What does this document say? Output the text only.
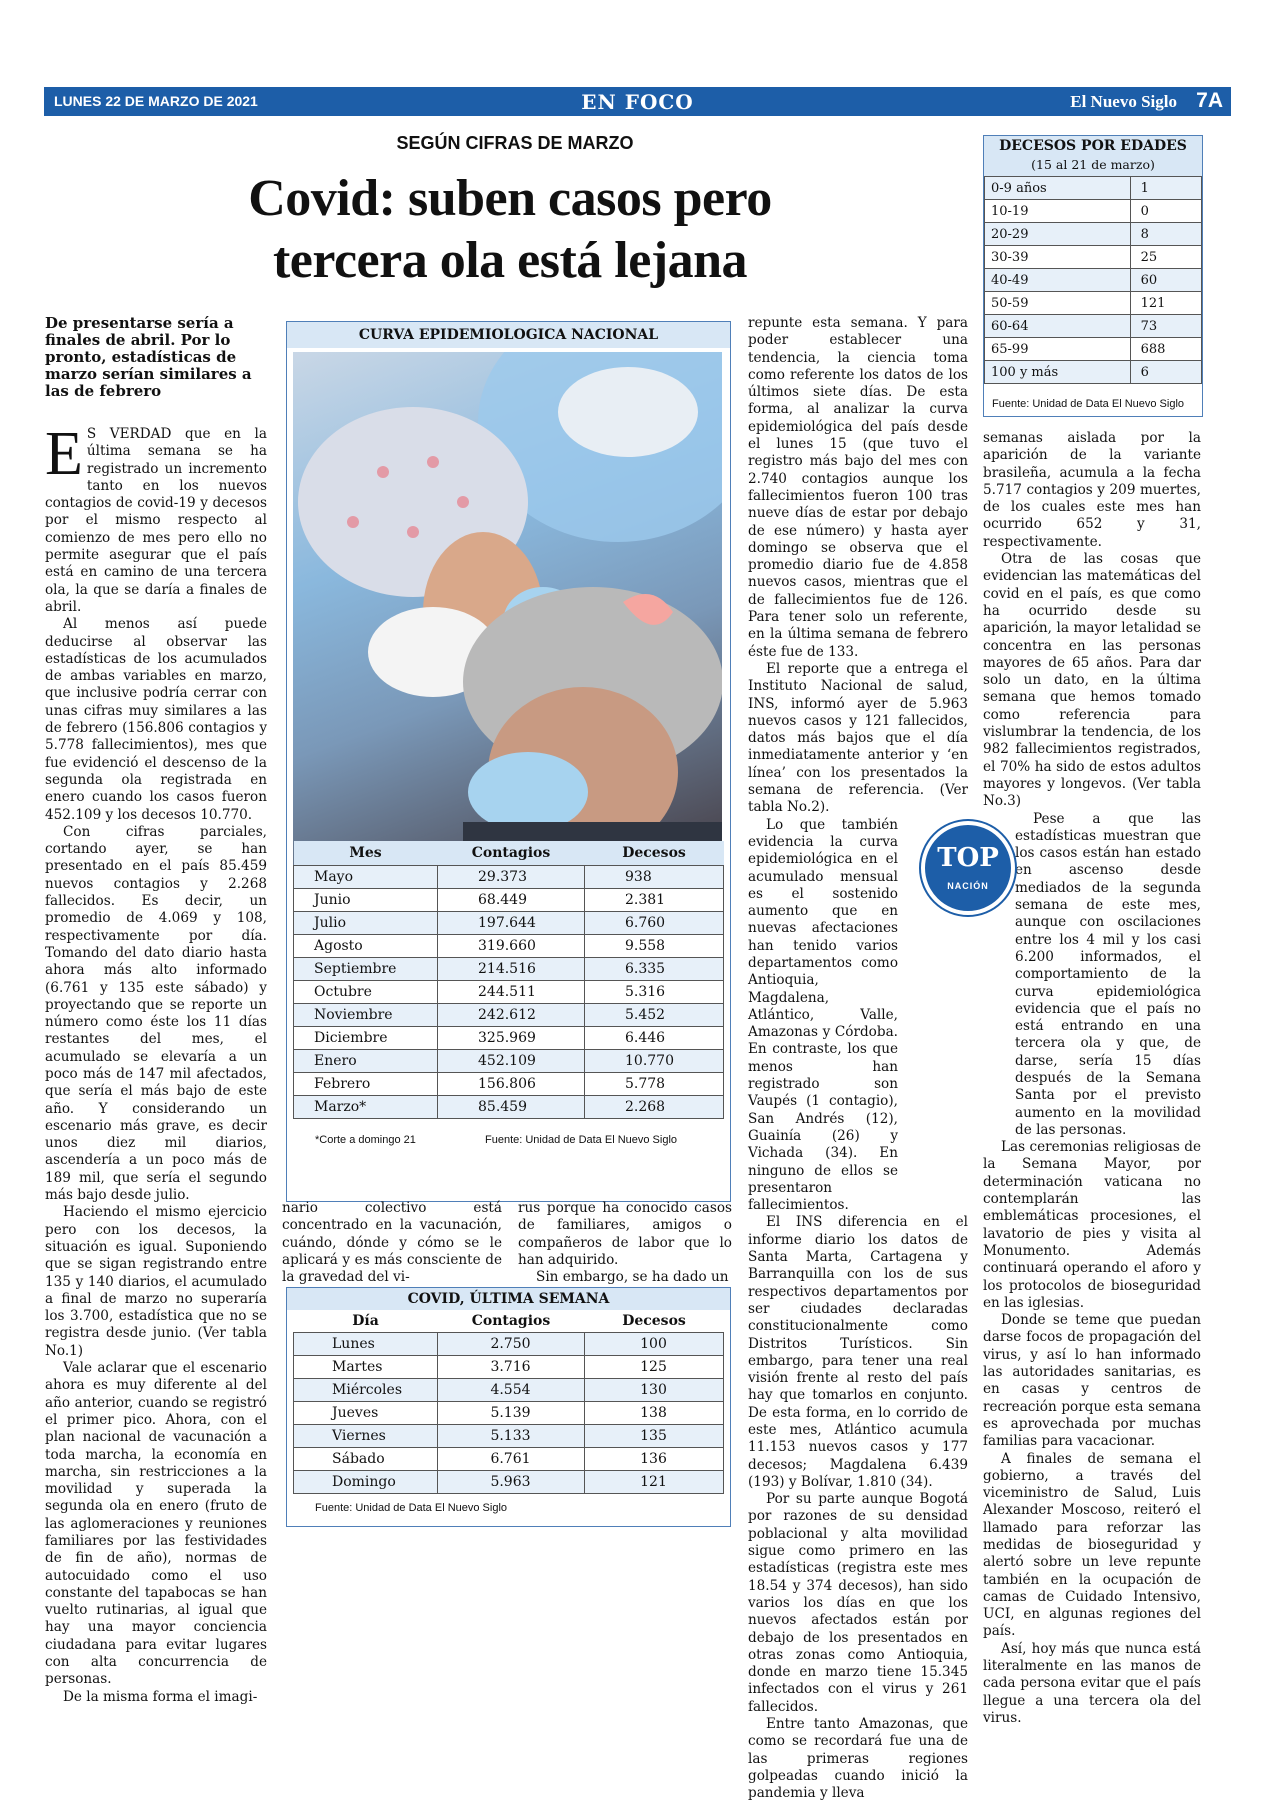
LUNES 22 DE MARZO DE 2021	EN FOCO	El Nuevo Siglo 7A
SEGÚN CIFRAS DE MARZO
Covid: suben casos pero
tercera ola está lejana
De presentarse sería a finales de abril. Por lo pronto, estadísticas de marzo serían similares a las de febrero

E S VERDAD que en la última semana se ha registrado un incremento tanto en los nuevos contagios de covid-19 y decesos por el mismo respecto al comienzo de mes pero ello no permite asegurar que el país está en camino de una tercera ola, la que se daría a finales de abril.

Al menos así puede deducirse al observar las estadísticas de los acumulados de ambas variables en marzo, que inclusive podría cerrar con unas cifras muy similares a las de febrero (156.806 contagios y 5.778 fallecimientos), mes que fue evidenció el descenso de la segunda ola registrada en enero cuando los casos fueron 452.109 y los decesos 10.770.

Con cifras parciales, cortando ayer, se han presentado en el país 85.459 nuevos contagios y 2.268 fallecidos. Es decir, un promedio de 4.069 y 108, respectivamente por día. Tomando del dato diario hasta ahora más alto informado (6.761 y 135 este sábado) y proyectando que se reporte un número como éste los 11 días restantes del mes, el acumulado se elevaría a un poco más de 147 mil afectados, que sería el más bajo de este año. Y considerando un escenario más grave, es decir unos diez mil diarios, ascendería a un poco más de 189 mil, que sería el segundo más bajo desde julio.

Haciendo el mismo ejercicio pero con los decesos, la situación es igual. Suponiendo que se sigan registrando entre 135 y 140 diarios, el acumulado a final de marzo no superaría los 3.700, estadística que no se registra desde junio. (Ver tabla No.1)

Vale aclarar que el escenario ahora es muy diferente al del año anterior, cuando se registró el primer pico. Ahora, con el plan nacional de vacunación a toda marcha, la economía en marcha, sin restricciones a la movilidad y superada la segunda ola en enero (fruto de las aglomeraciones y reuniones familiares por las festividades de fin de año), normas de autocuidado como el uso constante del tapabocas se han vuelto rutinarias, al igual que hay una mayor conciencia ciudadana para evitar lugares con alta concurrencia de personas.

De la misma forma el imagi-

CURVA EPIDEMIOLOGICA NACIONAL
Mes	Contagios	Decesos
Mayo	29.373	938
Junio	68.449	2.381
Julio	197.644	6.760
Agosto	319.660	9.558
Septiembre	214.516	6.335
Octubre	244.511	5.316
Noviembre	242.612	5.452
Diciembre	325.969	6.446
Enero	452.109	10.770
Febrero	156.806	5.778
Marzo*	85.459	2.268
*Corte a domingo 21	Fuente: Unidad de Data El Nuevo Siglo

nario colectivo está concentrado en la vacunación, cuándo, dónde y cómo se le aplicará y es más consciente de la gravedad del vi-

rus porque ha conocido casos de familiares, amigos o compañeros de labor que lo han adquirido.

Sin embargo, se ha dado un

COVID, ÚLTIMA SEMANA
Día	Contagios	Decesos
Lunes	2.750	100
Martes	3.716	125
Miércoles	4.554	130
Jueves	5.139	138
Viernes	5.133	135
Sábado	6.761	136
Domingo	5.963	121
Fuente: Unidad de Data El Nuevo Siglo

repunte esta semana. Y para poder establecer una tendencia, la ciencia toma como referente los datos de los últimos siete días. De esta forma, al analizar la curva epidemiológica del país desde el lunes 15 (que tuvo el registro más bajo del mes con 2.740 contagios aunque los fallecimientos fueron 100 tras nueve días de estar por debajo de ese número) y hasta ayer domingo se observa que el promedio diario fue de 4.858 nuevos casos, mientras que el de fallecimientos fue de 126. Para tener solo un referente, en la última semana de febrero éste fue de 133.

El reporte que a entrega el Instituto Nacional de salud, INS, informó ayer de 5.963 nuevos casos y 121 fallecidos, datos más bajos que el día inmediatamente anterior y ‘en línea’ con los presentados la semana de referencia. (Ver tabla No.2).

Lo que también evidencia la curva epidemiológica en el acumulado mensual es el sostenido aumento que en nuevas afectaciones han tenido varios departamentos como Antioquia, Magdalena, Atlántico, Valle, Amazonas y Córdoba. En contraste, los que menos han registrado son Vaupés (1 contagio), San Andrés (12), Guainía (26) y Vichada (34). En ninguno de ellos se presentaron fallecimientos.

El INS diferencia en el informe diario los datos de Santa Marta, Cartagena y Barranquilla con los de sus respectivos departamentos por ser ciudades declaradas constitucionalmente como Distritos Turísticos. Sin embargo, para tener una real visión frente al resto del país hay que tomarlos en conjunto. De esta forma, en lo corrido de este mes, Atlántico acumula 11.153 nuevos casos y 177 decesos; Magdalena 6.439 (193) y Bolívar, 1.810 (34).

Por su parte aunque Bogotá por razones de su densidad poblacional y alta movilidad sigue como primero en las estadísticas (registra este mes 18.54 y 374 decesos), han sido varios los días en que los nuevos afectados están por debajo de los presentados en otras zonas como Antioquia, donde en marzo tiene 15.345 infectados con el virus y 261 fallecidos.

Entre tanto Amazonas, que como se recordará fue una de las primeras regiones golpeadas cuando inició la pandemia y lleva

DECESOS POR EDADES
(15 al 21 de marzo)
0-9 años	1
10-19	0
20-29	8
30-39	25
40-49	60
50-59	121
60-64	73
65-99	688
100 y más	6
Fuente: Unidad de Data El Nuevo Siglo

semanas aislada por la aparición de la variante brasileña, acumula a la fecha 5.717 contagios y 209 muertes, de los cuales este mes han ocurrido 652 y 31, respectivamente.

Otra de las cosas que evidencian las matemáticas del covid en el país, es que como ha ocurrido desde su aparición, la mayor letalidad se concentra en las personas mayores de 65 años. Para dar solo un dato, en la última semana que hemos tomado como referencia para vislumbrar la tendencia, de los 982 fallecimientos registrados, el 70% ha sido de estos adultos mayores y longevos. (Ver tabla No.3)

Pese a que las estadísticas muestran que los casos están han estado en ascenso desde mediados de la segunda semana de este mes, aunque con oscilaciones entre los 4 mil y los casi 6.200 informados, el comportamiento de la curva epidemiológica evidencia que el país no está entrando en una tercera ola y que, de darse, sería 15 días después de la Semana Santa por el previsto aumento en la movilidad de las personas.

Las ceremonias religiosas de la Semana Mayor, por determinación vaticana no contemplarán las emblemáticas procesiones, el lavatorio de pies y visita al Monumento. Además continuará operando el aforo y los protocolos de bioseguridad en las iglesias.

Donde se teme que puedan darse focos de propagación del virus, y así lo han informado las autoridades sanitarias, es en casas y centros de recreación porque esta semana es aprovechada por muchas familias para vacacionar.

A finales de semana el gobierno, a través del viceministro de Salud, Luis Alexander Moscoso, reiteró el llamado para reforzar las medidas de bioseguridad y alertó sobre un leve repunte también en la ocupación de camas de Cuidado Intensivo, UCI, en algunas regiones del país.

Así, hoy más que nunca está literalmente en las manos de cada persona evitar que el país llegue a una tercera ola del virus.

TOP
NACIÓN
